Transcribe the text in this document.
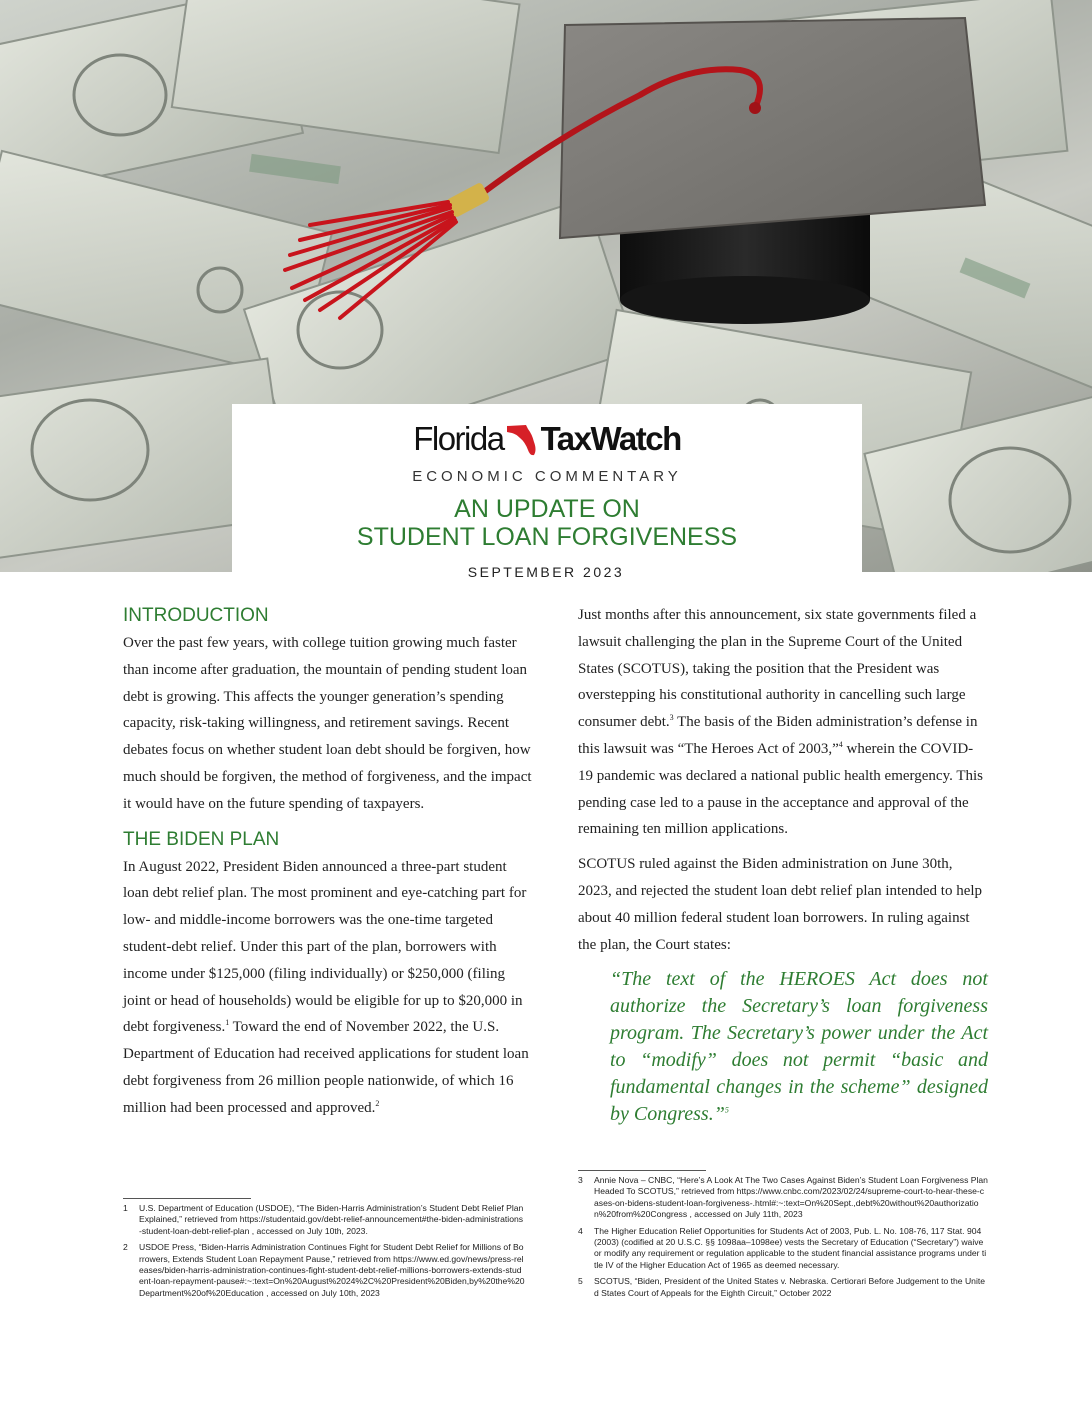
Florida TaxWatch
ECONOMIC COMMENTARY
AN UPDATE ON
STUDENT LOAN FORGIVENESS
SEPTEMBER 2023
INTRODUCTION

Over the past few years, with college tuition growing much faster than income after graduation, the mountain of pending student loan debt is growing. This affects the younger generation’s spending capacity, risk-taking willingness, and retirement savings. Recent debates focus on whether student loan debt should be forgiven, how much should be forgiven, the method of forgiveness, and the impact it would have on the future spending of taxpayers.

THE BIDEN PLAN

In August 2022, President Biden announced a three-part student loan debt relief plan. The most prominent and eye-catching part for low- and middle-income borrowers was the one-time targeted student-debt relief. Under this part of the plan, borrowers with income under $125,000 (filing individually) or $250,000 (filing joint or head of households) would be eligible for up to $20,000 in debt forgiveness.$^1$ Toward the end of November 2022, the U.S. Department of Education had received applications for student loan debt forgiveness from 26 million people nationwide, of which 16 million had been processed and approved.$^2$

Just months after this announcement, six state governments filed a lawsuit challenging the plan in the Supreme Court of the United States (SCOTUS), taking the position that the President was overstepping his constitutional authority in cancelling such large consumer debt.$^3$ The basis of the Biden administration’s defense in this lawsuit was “The Heroes Act of 2003,”$^4$ wherein the COVID-19 pandemic was declared a national public health emergency. This pending case led to a pause in the acceptance and approval of the remaining ten million applications.

SCOTUS ruled against the Biden administration on June 30th, 2023, and rejected the student loan debt relief plan intended to help about 40 million federal student loan borrowers. In ruling against the plan, the Court states:

“The text of the HEROES Act does not authorize the Secretary’s loan forgiveness program. The Secretary’s power under the Act to “modify” does not permit “basic and fundamental changes in the scheme” designed by Congress.”$^5$
1	U.S. Department of Education (USDOE), “The Biden-Harris Administration’s Student Debt Relief Plan Explained,” retrieved from https://studentaid.gov/debt-relief-announcement#the-biden-administrations-student-loan-debt-relief-plan , accessed on July 10th, 2023.
2	USDOE Press, “Biden-Harris Administration Continues Fight for Student Debt Relief for Millions of Borrowers, Extends Student Loan Repayment Pause,” retrieved from https://www.ed.gov/news/press-releases/biden-harris-administration-continues-fight-student-debt-relief-millions-borrowers-extends-student-loan-repayment-pause#:~:text=On%20August%2024%2C%20President%20Biden,by%20the%20Department%20of%20Education , accessed on July 10th, 2023
3	Annie Nova – CNBC, “Here’s A Look At The Two Cases Against Biden’s Student Loan Forgiveness Plan Headed To SCOTUS,” retrieved from https://www.cnbc.com/2023/02/24/supreme-court-to-hear-these-cases-on-bidens-student-loan-forgiveness-.html#:~:text=On%20Sept.,debt%20without%20authorization%20from%20Congress , accessed on July 11th, 2023
4	The Higher Education Relief Opportunities for Students Act of 2003, Pub. L. No. 108-76, 117 Stat. 904 (2003) (codified at 20 U.S.C. §§ 1098aa–1098ee) vests the Secretary of Education (“Secretary”) waive or modify any requirement or regulation applicable to the student financial assistance programs under title IV of the Higher Education Act of 1965 as deemed necessary.
5	SCOTUS, “Biden, President of the United States v. Nebraska. Certiorari Before Judgement to the United States Court of Appeals for the Eighth Circuit,” October 2022
